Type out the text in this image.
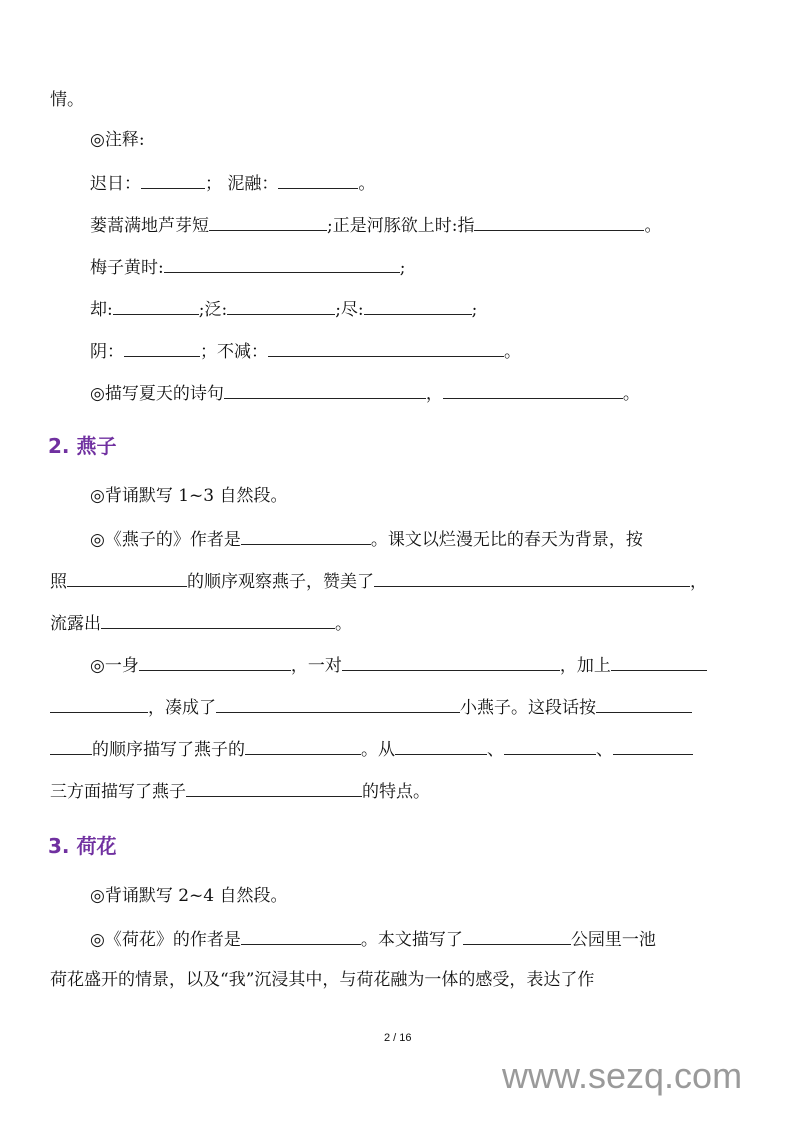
情。
◎注释:
迟日：	； 泥融：	。
蒌蒿满地芦芽短	;正是河豚欲上时:指	。
梅子黄时:	;
却:	;泛:	;尽:	;
阴：	；不减：	。
◎描写夏天的诗句	，	。
2. 燕子
◎背诵默写 1~3 自然段。
◎《燕子的》作者是	。课文以烂漫无比的春天为背景，按
照	的顺序观察燕子，赞美了	，
流露出	。
◎一身	，一对	，加上
，凑成了	小燕子。这段话按
的顺序描写了燕子的	。从	、	、
三方面描写了燕子	的特点。
3. 荷花
◎背诵默写 2~4 自然段。
◎《荷花》的作者是	。本文描写了	公园里一池
荷花盛开的情景，以及“我”沉浸其中，与荷花融为一体的感受，表达了作
2 / 16
www.sezq.com
